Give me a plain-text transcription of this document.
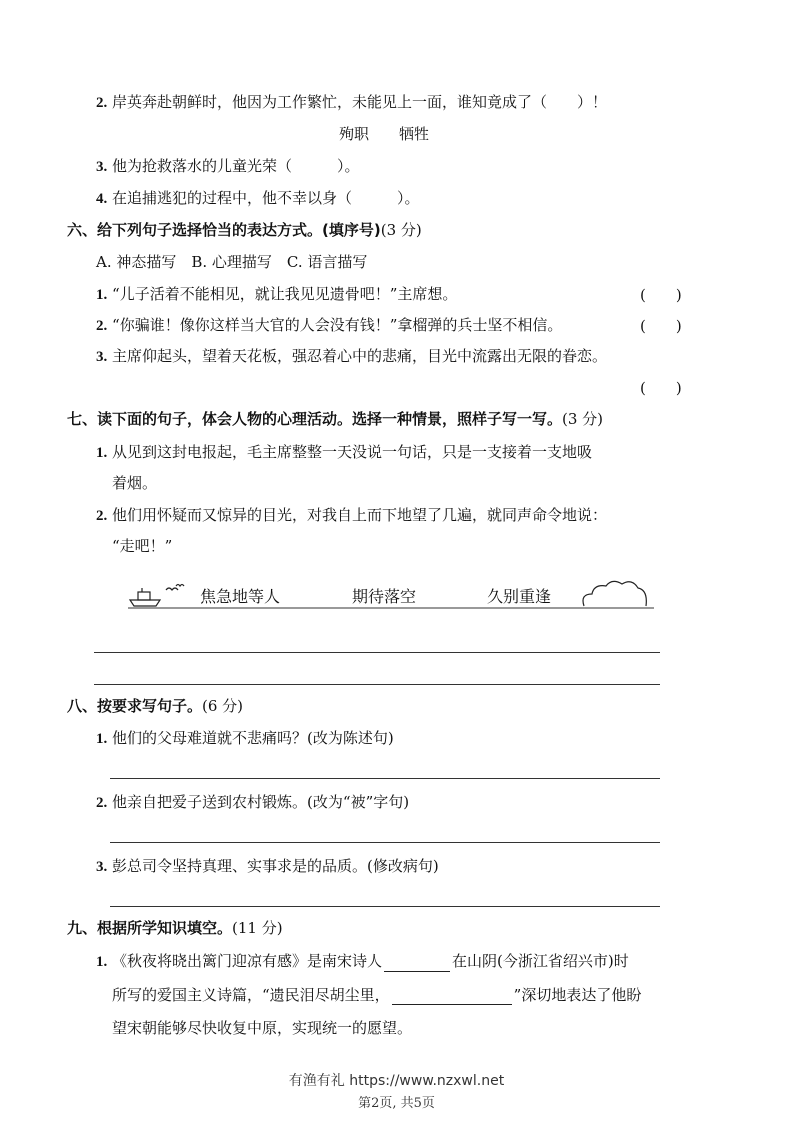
2. 岸英奔赴朝鲜时，他因为工作繁忙，未能见上一面，谁知竟成了（　　）！
殉职　　牺牲
3. 他为抢救落水的儿童光荣（　　　）。
4. 在追捕逃犯的过程中，他不幸以身（　　　）。
六、给下列句子选择恰当的表达方式。(填序号)(3 分)
A. 神态描写　B. 心理描写　C. 语言描写
1. “儿子活着不能相见，就让我见见遗骨吧！”主席想。	(　　)
2. “你骗谁！像你这样当大官的人会没有钱！”拿榴弹的兵士坚不相信。	(　　)
3. 主席仰起头，望着天花板，强忍着心中的悲痛，目光中流露出无限的眷恋。
(　　)
七、读下面的句子，体会人物的心理活动。选择一种情景，照样子写一写。(3 分)
1. 从见到这封电报起，毛主席整整一天没说一句话，只是一支接着一支地吸
着烟。
2. 他们用怀疑而又惊异的目光，对我自上而下地望了几遍，就同声命令地说：
“走吧！”
焦急地等人	期待落空	久别重逢
八、按要求写句子。(6 分)
1. 他们的父母难道就不悲痛吗？(改为陈述句)
2. 他亲自把爱子送到农村锻炼。(改为“被”字句)
3. 彭总司令坚持真理、实事求是的品质。(修改病句)
九、根据所学知识填空。(11 分)
1. 《秋夜将晓出篱门迎凉有感》是南宋诗人	在山阴(今浙江省绍兴市)时
所写的爱国主义诗篇，“遗民泪尽胡尘里，	”深切地表达了他盼
望宋朝能够尽快收复中原，实现统一的愿望。
有渔有礼 https://www.nzxwl.net
第2页, 共5页
